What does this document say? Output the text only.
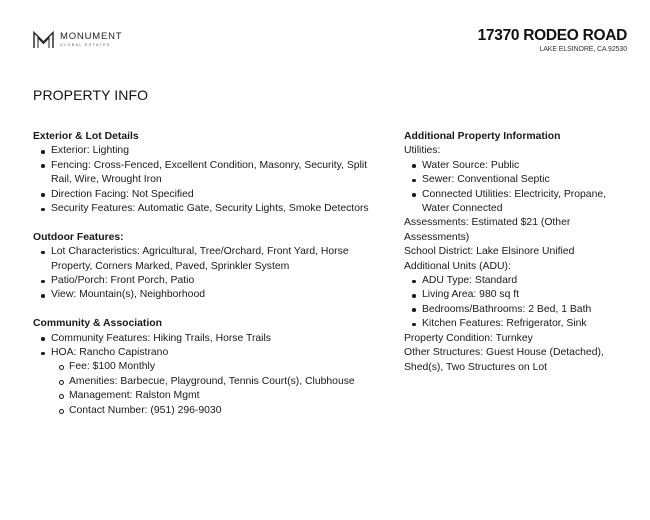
MONUMENT
GLOBAL ESTATES
17370 RODEO ROAD
LAKE ELSINORE, CA 92530
PROPERTY INFO
Exterior & Lot Details
Exterior: Lighting
Fencing: Cross-Fenced, Excellent Condition, Masonry, Security, Split Rail, Wire, Wrought Iron
Direction Facing: Not Specified
Security Features: Automatic Gate, Security Lights, Smoke Detectors
Outdoor Features:
Lot Characteristics: Agricultural, Tree/Orchard, Front Yard, Horse Property, Corners Marked, Paved, Sprinkler System
Patio/Porch: Front Porch, Patio
View: Mountain(s), Neighborhood
Community & Association
Community Features: Hiking Trails, Horse Trails
HOA: Rancho Capistrano
Fee: $100 Monthly
Amenities: Barbecue, Playground, Tennis Court(s), Clubhouse
Management: Ralston Mgmt
Contact Number: (951) 296-9030
Additional Property Information
Utilities:
Water Source: Public
Sewer: Conventional Septic
Connected Utilities: Electricity, Propane, Water Connected
Assessments: Estimated $21 (Other Assessments)
School District: Lake Elsinore Unified
Additional Units (ADU):
ADU Type: Standard
Living Area: 980 sq ft
Bedrooms/Bathrooms: 2 Bed, 1 Bath
Kitchen Features: Refrigerator, Sink
Property Condition: Turnkey
Other Structures: Guest House (Detached), Shed(s), Two Structures on Lot
